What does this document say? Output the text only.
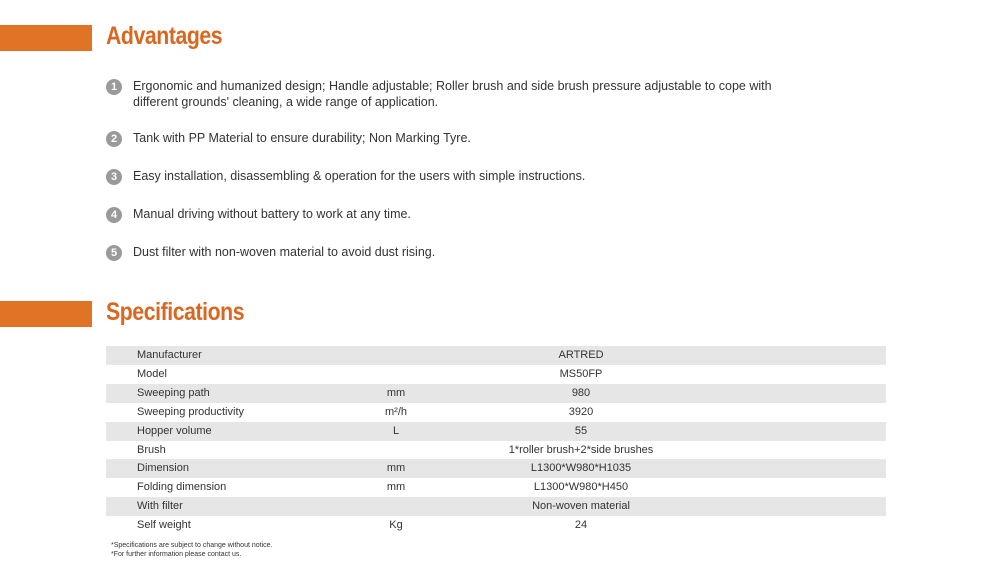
Advantages
1	Ergonomic and humanized design; Handle adjustable; Roller brush and side brush pressure adjustable to cope with different grounds' cleaning, a wide range of application.
2	Tank with PP Material to ensure durability; Non Marking Tyre.
3	Easy installation, disassembling & operation for the users with simple instructions.
4	Manual driving without battery to work at any time.
5	Dust filter with non-woven material to avoid dust rising.
Specifications
Manufacturer		ARTRED
Model		MS50FP
Sweeping path	mm	980
Sweeping productivity	m²/h	3920
Hopper volume	L	55
Brush		1*roller brush+2*side brushes
Dimension	mm	L1300*W980*H1035
Folding dimension	mm	L1300*W980*H450
With filter		Non-woven material
Self weight	Kg	24
*Specifications are subject to change without notice.
*For further information please contact us.
